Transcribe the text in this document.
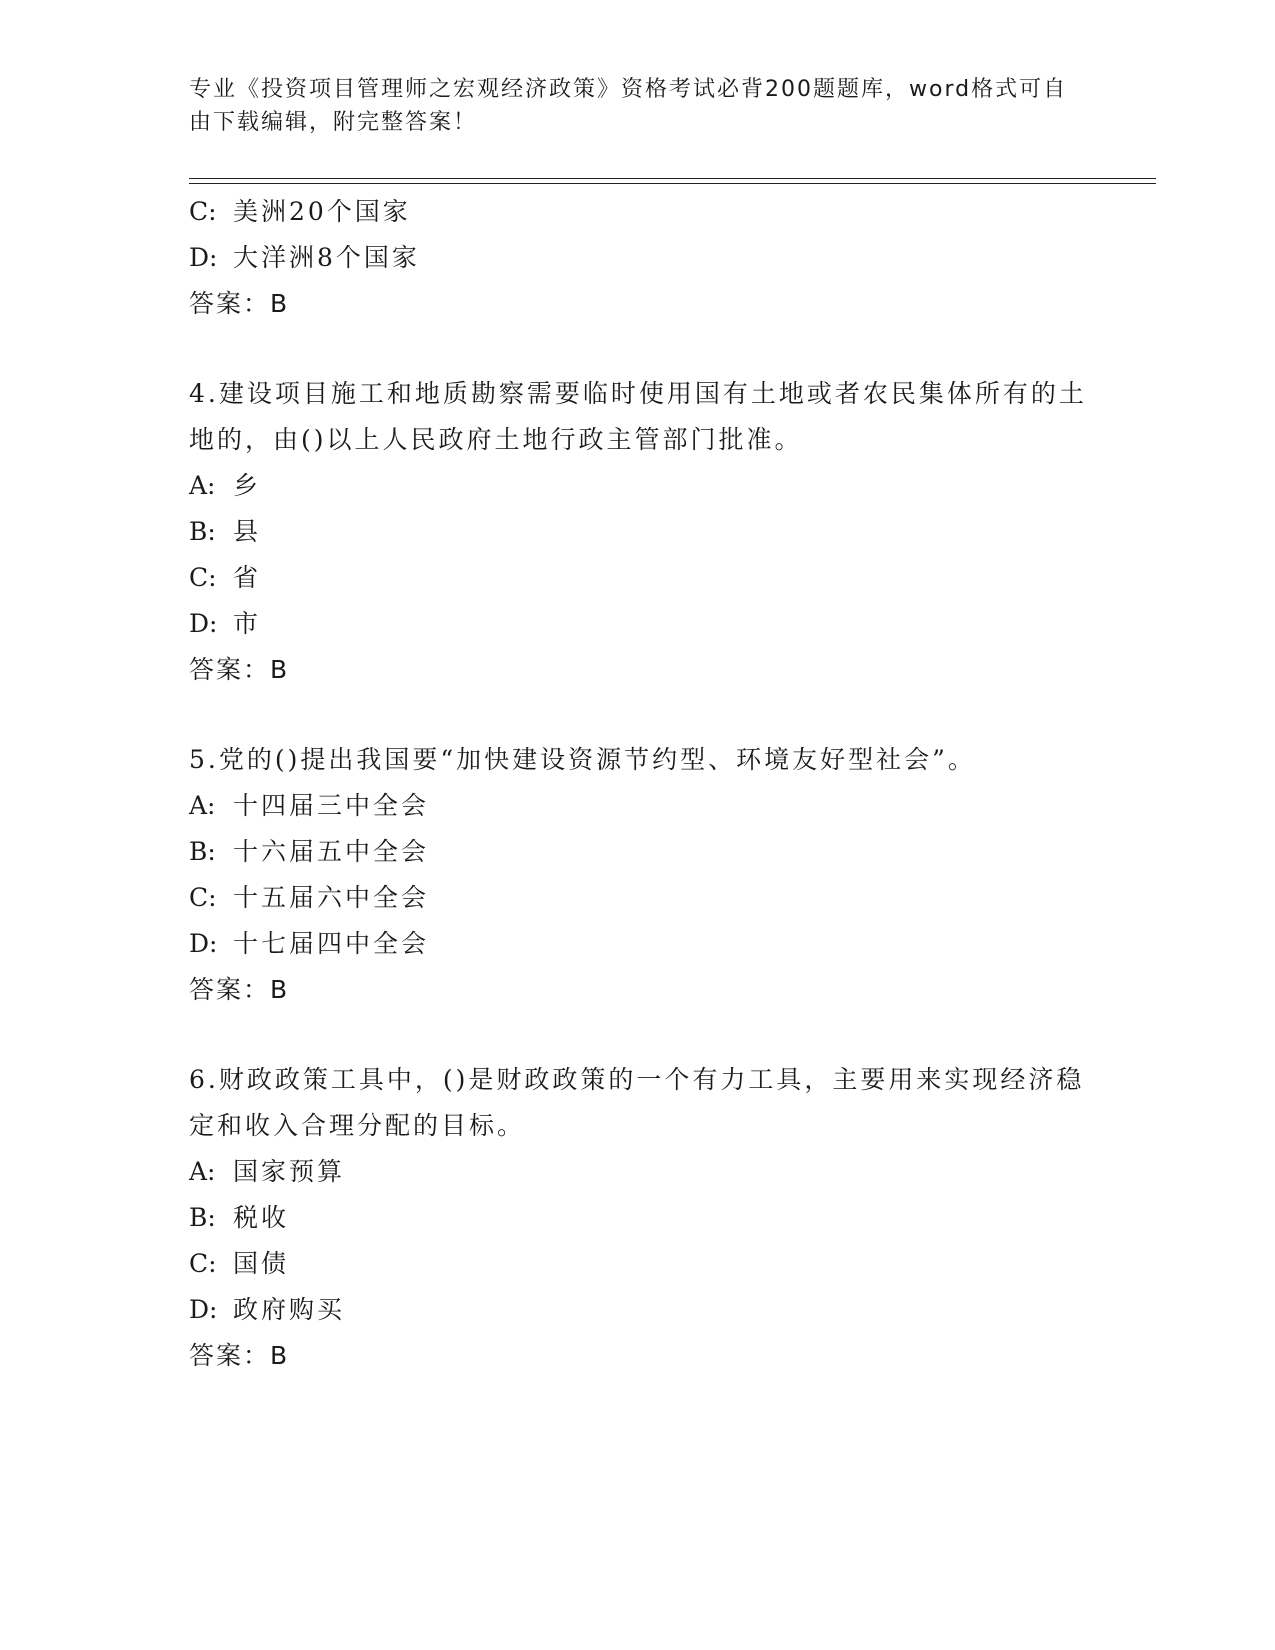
专业《投资项目管理师之宏观经济政策》资格考试必背200题题库，word格式可自由下载编辑，附完整答案！
C: 美洲20个国家
D: 大洋洲8个国家
答案：B
4.建设项目施工和地质勘察需要临时使用国有土地或者农民集体所有的土地的，由()以上人民政府土地行政主管部门批准。
A: 乡
B: 县
C: 省
D: 市
答案：B
5.党的()提出我国要“加快建设资源节约型、环境友好型社会”。
A: 十四届三中全会
B: 十六届五中全会
C: 十五届六中全会
D: 十七届四中全会
答案：B
6.财政政策工具中，()是财政政策的一个有力工具，主要用来实现经济稳定和收入合理分配的目标。
A: 国家预算
B: 税收
C: 国债
D: 政府购买
答案：B
